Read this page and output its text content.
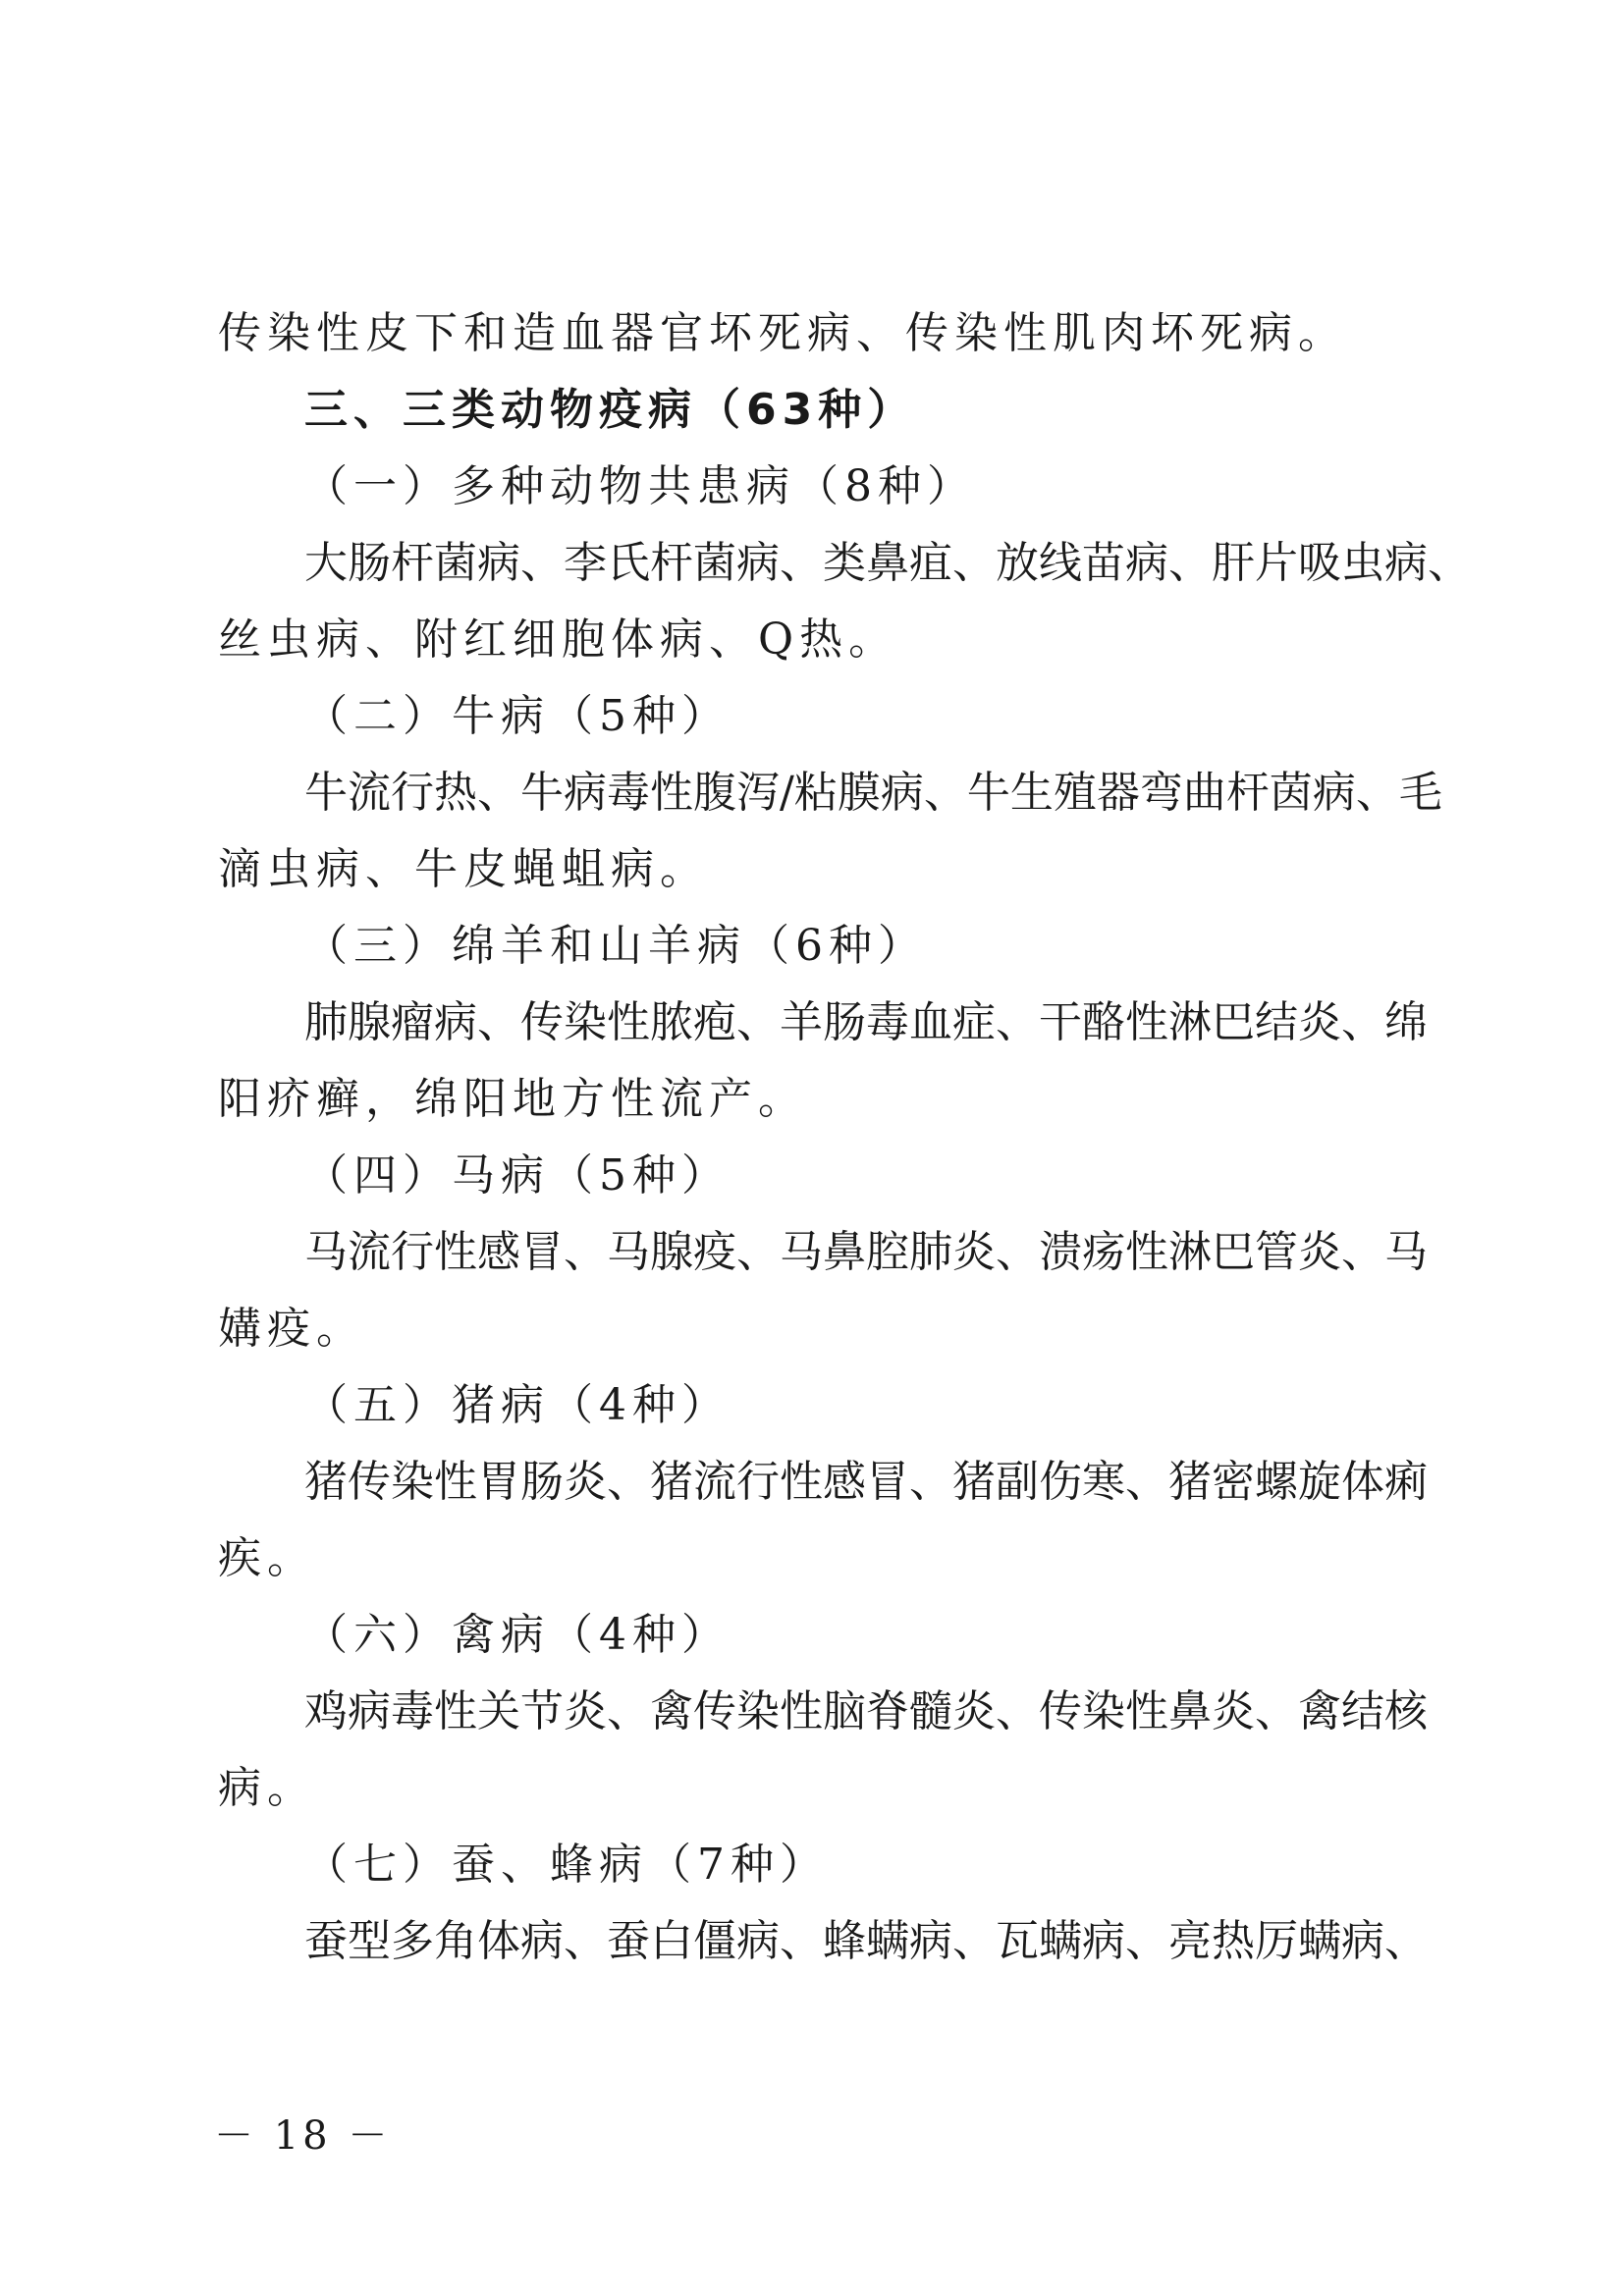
传染性皮下和造血器官坏死病、传染性肌肉坏死病。
三、三类动物疫病（63种）
（一）多种动物共患病（8种）
大肠杆菌病、李氏杆菌病、类鼻疽、放线苗病、肝片吸虫病、
丝虫病、附红细胞体病、Q热。
（二）牛病（5种）
牛流行热、牛病毒性腹泻/粘膜病、牛生殖器弯曲杆茵病、毛
滴虫病、牛皮蝇蛆病。
（三）绵羊和山羊病（6种）
肺腺瘤病、传染性脓疱、羊肠毒血症、干酪性淋巴结炎、绵
阳疥癣，绵阳地方性流产。
（四）马病（5种）
马流行性感冒、马腺疫、马鼻腔肺炎、溃疡性淋巴管炎、马
媾疫。
（五）猪病（4种）
猪传染性胃肠炎、猪流行性感冒、猪副伤寒、猪密螺旋体痢
疾。
（六）禽病（4种）
鸡病毒性关节炎、禽传染性脑脊髓炎、传染性鼻炎、禽结核
病。
（七）蚕、蜂病（7种）
蚕型多角体病、蚕白僵病、蜂螨病、瓦螨病、亮热厉螨病、
－ 18 －
